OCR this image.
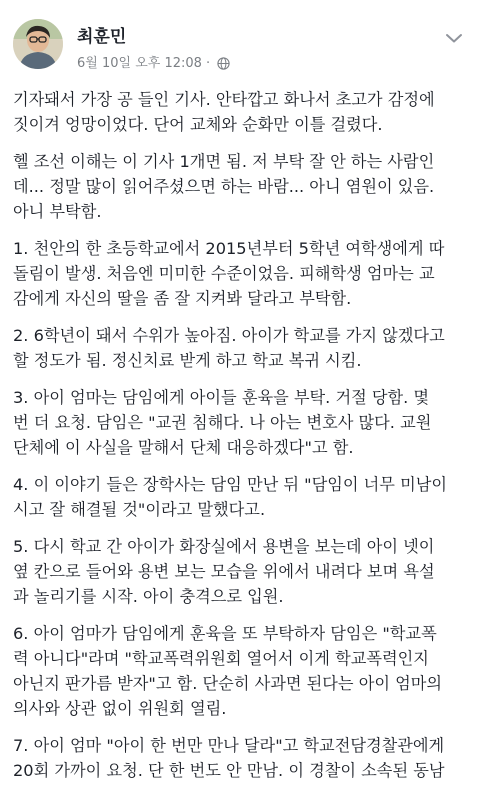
최훈민
6월 10일 오후 12:08 ·

기자돼서 가장 공 들인 기사. 안타깝고 화나서 초고가 감정에
짓이겨 엉망이었다. 단어 교체와 순화만 이틀 걸렸다.

헬 조선 이해는 이 기사 1개면 됨. 저 부탁 잘 안 하는 사람인
데... 정말 많이 읽어주셨으면 하는 바람... 아니 염원이 있음.
아니 부탁함.

1. 천안의 한 초등학교에서 2015년부터 5학년 여학생에게 따
돌림이 발생. 처음엔 미미한 수준이었음. 피해학생 엄마는 교
감에게 자신의 딸을 좀 잘 지켜봐 달라고 부탁함.

2. 6학년이 돼서 수위가 높아짐. 아이가 학교를 가지 않겠다고
할 정도가 됨. 정신치료 받게 하고 학교 복귀 시킴.

3. 아이 엄마는 담임에게 아이들 훈육을 부탁. 거절 당함. 몇
번 더 요청. 담임은 "교권 침해다. 나 아는 변호사 많다. 교원
단체에 이 사실을 말해서 단체 대응하겠다"고 함.

4. 이 이야기 들은 장학사는 담임 만난 뒤 "담임이 너무 미남이
시고 잘 해결될 것"이라고 말했다고.

5. 다시 학교 간 아이가 화장실에서 용변을 보는데 아이 넷이
옆 칸으로 들어와 용변 보는 모습을 위에서 내려다 보며 욕설
과 놀리기를 시작. 아이 충격으로 입원.

6. 아이 엄마가 담임에게 훈육을 또 부탁하자 담임은 "학교폭
력 아니다"라며 "학교폭력위원회 열어서 이게 학교폭력인지
아닌지 판가름 받자"고 함. 단순히 사과면 된다는 아이 엄마의
의사와 상관 없이 위원회 열림.

7. 아이 엄마 "아이 한 번만 만나 달라"고 학교전담경찰관에게
20회 가까이 요청. 단 한 번도 안 만남. 이 경찰이 소속된 동남
